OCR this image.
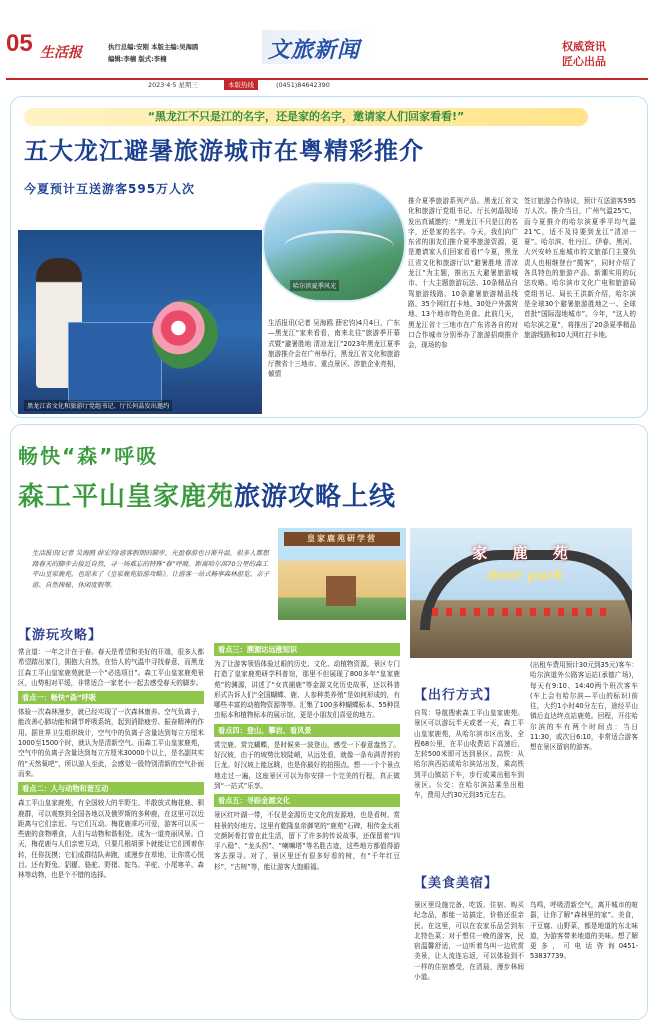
05 生活报	执行总编:安刚 本版主编:吴海鸥
编辑:李楠 版式:李楠	文旅新闻	权威资讯
匠心出品
2023·4·5 星期三	本版热线	(0451)84642390
“黑龙江不只是江的名字，还是家的名字，邀请家人们回家看看!”
五大龙江避暑旅游城市在粤精彩推介
今夏预计互送游客595万人次
哈尔滨夏季风光
黑龙江省文化和旅游厅党组书记、厅长何晶发出邀约
生活报讯(记者 吴海鸥 薛宏钧)4月4日，广东—黑龙江“家来看看，南来北往”旅游季开幕式暨“避暑胜地 清凉龙江”2023年黑龙江夏季旅游推介会在广州举行，黑龙江省文化和旅游厅携省十三地市、重点景区、涉旅企业亮相，倾情
推介夏季旅游系列产品。黑龙江省文化和旅游厅党组书记、厅长何晶现场发出真诚邀约：“黑龙江不只是江的名字，还是家的名字。今天，我们向广东省的朋友们推介夏季旅游资源，更是邀请家人们回家看看!”今夏，黑龙江省文化和旅游厅以“避暑胜地 清凉龙江”为主题，推出五大避暑旅游城市、十大主题旅游玩法、10条精品自驾旅游线路、10条避暑旅游精品线路、35个网红打卡地、30处户外露营地、13个地市特色美食。此前几天，黑龙江省十三地市在广东省各自的对口合作城市分别举办了旅游招商推介会，现场的参
签订旅游合作协议，预计互送游客595万人次。推介当日，广州气温25℃，而今夏推介的哈尔滨夏季平均气温21℃，适不及待要到龙江“清凉一夏”。哈尔滨、牡丹江、伊春、黑河、大兴安岭五座城市的文旅部门主要负责人也相继登台“揽客”，同时介绍了各具特色的旅游产品、新潮实用的玩法攻略。哈尔滨市文化广电和旅游局党组书记、局长王洪新介绍，哈尔滨是全球30个避暑旅游胜地之一、全球首批“国际湿地城市”。今年，“这人的哈尔滨之夏”，将推出了20条夏季精品旅游线路和10大网红打卡地。
畅快“森”呼吸
森工平山皇家鹿苑旅游攻略上线
生活报讯(记者 吴海鸥 薛宏钧)游客假期的脚步，充盈春游也日渐升温，很多人都想踏春天的脚步去接近自然，寻一场难忘的特殊“春”呼吸。距离哈尔滨70公里的森工平山皇家鹿苑，也迎来了《皇家鹿苑旅游攻略》。让游客一站式畅享森林游览、亲子游、自然探秘、休闲度假等。
皇家鹿苑研学营
家 鹿 苑
deer park
【游玩攻略】
常言道：一年之计在于春。春天是希望和美好的开端，很多人都希望踏出家门，拥抱大自然，在怡人的气温中寻找春意，而黑龙江森工平山皇家鹿苑就是一个“必选项目”。森工平山皇家鹿苑景区，山势相对平缓，非常适合一家老小一起去感受春天的脚步。
看点一：畅快“森”呼吸
体验一次森林漫步，就已经实现了一次森林康养。空气负离子，能改善心肺功能和调节呼吸系统，起到消除疲劳、振奋精神的作用。据世界卫生组织统计，空气中的负离子含量达到每立方厘米1000至1500个时，就认为是清新空气。而森工平山皇家鹿苑，空气中的负离子含量达到每立方厘米30000个以上，是名副其实的“天然氧吧”，所以游人至此，会感觉一股特别清新的空气扑面而来。
看点二：人与动物和谐互动
森工平山皇家鹿苑，有全国较大的半野生、半散放式梅花鹿、驯鹿群，可以观察到全国各地以及俄罗斯的多种鹿，在这里可以近距离与它们亲近、与它们互动。梅花鹿乖巧可爱，游客可以买一些鹿的食物喂食，人们与动物和谐相处，成为一道亮丽风景。白天，梅花鹿与人们亲密互动，只要几根胡萝卜就能让它们围着你转，任你抚摸；它们成群结队奔跑，或漫步在草地，让你赏心悦目。还有野兔、貂獾、骆驼、野猪、鸵鸟、羊驼、小尾寒羊、森林等动物，也是个不错的选择。
看点三：溯源达远涨知识
为了让游客领悟体验过眼的历史、文化、动植物资源，景区专门打造了皇家鹿苑研学科普馆，那里不但展现了800多年“皇家鹿苑”的渊源，讲述了“女真捕鹿”等金源文化历史故事，还以科普形式告诉人们“全国蝴蝶、鹿、人参种类养殖”是如何形成的，有哪些丰富的动植物资源等等。汇集了100多种蝴蝶标本、55种昆虫标本和植物标本的展示馆，更是小朋友们喜爱的地方。
看点四：登山、攀岩、看风景
赏完鹿、赏完蝴蝶，是时候来一波登山，感受一下春意盎然了。好汉坡，由于的坡势比较陡峭，从远处看，就像一条布满青苔的巨龙。好汉坡上能远眺，也是你最好的拍照点。想一一个个景点地走过一遍，这座景区可以为你安排一个完美的行程，真正做到“一站式”乐享。
看点五：寻踪金源文化
景区红叶湖一带，不仅是金源历史文化的发源地，也是看树、赏桂景的好地方。这里有乾隆皇帝御笔的“鹿苑”石碑，相传金太祖完颜阿骨打曾在此生活，留下了许多的传说故事，还保留着“四平八稳”、“龙头拐”、“喇嘛塔”等名胜古迹，这些地方都值得游客去探寻。对了，景区里还有很多好看的树，有“千年红豆杉”、“古树”等，能让游客大饱眼福。
【出行方式】
自驾：导航搜索森工平山皇家鹿苑。景区可以游玩半天或者一天，森工平山皇家鹿苑，从哈尔滨市区出发，全程68公里，在平山收费站下高速后，左转500米即可达到景区。高铁：从哈尔滨西站或哈尔滨站出发，乘高铁到平山镇站下车，步行或乘出租车到景区。公交：在哈尔滨站乘坐出租车，费用大约30元到35元左右。
(出租车费用预计30元到35元)客车：哈尔滨道外公路客运站(承德广场)，每天有9:10、14:40两个班次客车(车上会有哈尔滨—平山的标识)前往，大约1小时40分左右，途经平山镇后直达终点站鹿苑。回程，开往哈尔滨的车有两个时间点：当日11:30，或次日6:10，非常适合游客想在景区留宿的游客。
【美食美宿】
景区里设施完备，吃饭、住宿、购买纪念品，都能一站搞定，价格还很亲民。在这里，可以在农家乐品尝到东北特色菜；对于想住一晚的游客，民宿温馨舒适，一边听着鸟叫一边欣赏美景，让人流连忘返，可以体验到不一样的住宿感受，在清晨，漫步林间小道。
鸟鸣，呼吸清新空气，离开城市的喧嚣，让你了解“森林里的家”。美食，干豆腐、山野菜，都是地道的东北味道，为游客带来地道的美味。想了解更多，可电话咨询0451-53837739。
